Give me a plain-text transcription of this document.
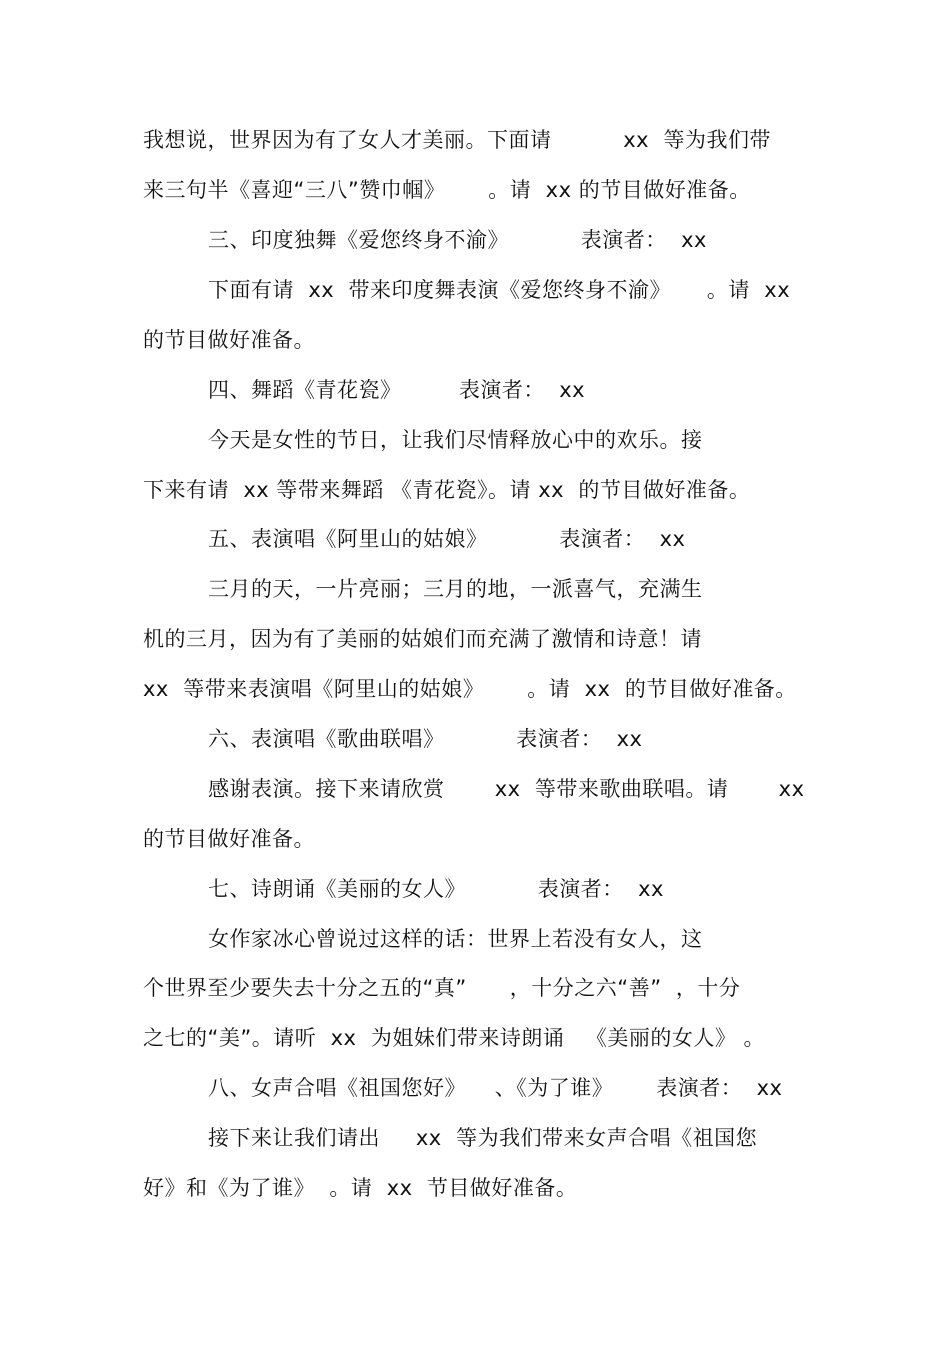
我想说，世界因为有了女人才美丽。下面请          xx  等为我们带
来三句半《喜迎“三八”赞巾帼》      。请  xx 的节目做好准备。
三、印度独舞《爱您终身不渝》          表演者：  xx
下面有请  xx  带来印度舞表演《爱您终身不渝》     。请  xx
的节目做好准备。
四、舞蹈《青花瓷》        表演者：  xx
今天是女性的节日，让我们尽情释放心中的欢乐。接
下来有请  xx 等带来舞蹈 《青花瓷》。请 xx  的节目做好准备。
五、表演唱《阿里山的姑娘》          表演者：  xx
三月的天，一片亮丽；三月的地，一派喜气，充满生
机的三月，因为有了美丽的姑娘们而充满了激情和诗意！请
xx  等带来表演唱《阿里山的姑娘》      。请  xx  的节目做好准备。
六、表演唱《歌曲联唱》          表演者：  xx
感谢表演。接下来请欣赏       xx  等带来歌曲联唱。请       xx
的节目做好准备。
七、诗朗诵《美丽的女人》          表演者：  xx
女作家冰心曾说过这样的话：世界上若没有女人，这
个世界至少要失去十分之五的“真”      ，十分之六“善”  ，十分
之七的“美”。请听  xx  为姐妹们带来诗朗诵   《美丽的女人》 。
八、女声合唱《祖国您好》    、《为了谁》      表演者：  xx
接下来让我们请出     xx  等为我们带来女声合唱《祖国您
好》和《为了谁》  。请  xx  节目做好准备。
